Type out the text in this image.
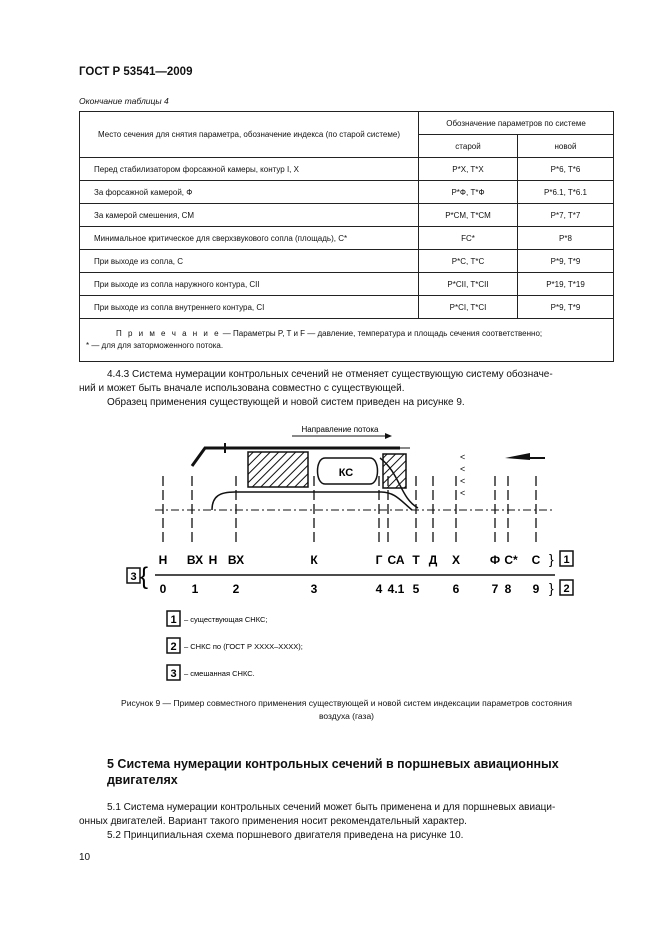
ГОСТ Р 53541—2009
Окончание таблицы 4
Место сечения для снятия параметра, обозначение индекса (по старой системе)	Обозначение параметров по системе	
	старой	новой
Перед стабилизатором форсажной камеры, контур I, X	P*X, T*X	P*6, T*6
За форсажной камерой, Ф	P*Ф, T*Ф	P*6.1, T*6.1
За камерой смешения, СМ	P*СМ, T*СМ	P*7, T*7
Минимальное критическое для сверхзвукового сопла (площадь), С*	FС*	P*8
При выходе из сопла, С	P*С, T*С	P*9, T*9
При выходе из сопла наружного контура, СII	P*СII, T*СII	P*19, T*19
При выходе из сопла внутреннего контура, СI	P*СI, T*СI	P*9, T*9
П р и м е ч а н и е — Параметры P, T и F — давление, температура и площадь сечения соответственно;
* — для для заторможенного потока.		
4.4.3 Система нумерации контрольных сечений не отменяет существующую систему обозначе-
ний и может быть вначале использована совместно с существующей.
Образец применения существующей и новой систем приведен на рисунке 9.
Направление потока
КС
<
<
<
<
Н ВХ Н ВХ	К	Г СА Т Д Х Ф С* С } 1
3 { 0 1	2	3	4 4.1 5	6	7 8 9 } 2
1 – существующая СНКС;
2 – СНКС по (ГОСТ Р ХХХХ–ХХХХ);
3 – смешанная СНКС.
Рисунок 9 — Пример совместного применения существующей и новой систем индексации параметров состояния
воздуха (газа)
5 Система нумерации контрольных сечений в поршневых авиационных двигателях
5.1 Система нумерации контрольных сечений может быть применена и для поршневых авиаци-
онных двигателей. Вариант такого применения носит рекомендательный характер.
5.2 Принципиальная схема поршневого двигателя приведена на рисунке 10.
10
